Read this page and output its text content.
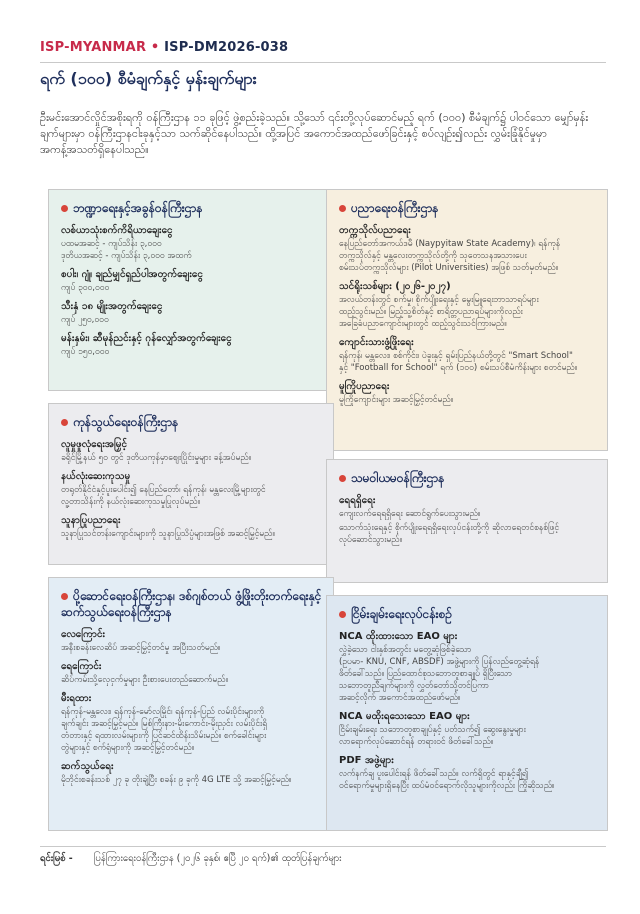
ISP-MYANMAR • ISP-DM2026-038
ရက် (၁၀၀) စီမံချက်နှင့် မှန်းချက်များ
ဦးမင်းအောင်လှိုင်အစိုးရကို ဝန်ကြီးဌာန ၁၁ ခုဖြင့် ဖွဲ့စည်းခဲ့သည်။ သို့သော် ၎င်းတို့လုပ်ဆောင်မည့် ရက် (၁၀၀) စီမံချက်၌ ပါဝင်သော မျှော်မှန်းချက်များမှာ ဝန်ကြီးဌာနငါးခုနှင့်သာ သက်ဆိုင်နေပါသည်။ ထို့အပြင် အကောင်အထည်ဖော်ခြင်းနှင့် စပ်လျဉ်း၍လည်း လွှမ်းခြုံနိုင်မှုမှာ အကန့်အသတ်ရှိနေပါသည်။
ဘဏ္ဍာရေးနှင့်အခွန်ဝန်ကြီးဌာန
လစ်ယာသုံးစက်ကိရိယာချေးငွေ
ပထမအဆင့် - ကျပ်သိန်း ၃,၀၀၀
ဒုတိယအဆင့် - ကျပ်သိန်း ၃,၀၀၀ အထက်
စပါး၊ ဂျုံ၊ ချည်မျှင်ရှည်ပါအတွက်ချေးငွေ
ကျပ် ၃၀၀,၀၀၀
သီးနှံ ၁၈ မျိုးအတွက်ချေးငွေ
ကျပ် ၂၅၀,၀၀၀
မန်းနှမ်း၊ ဆီမုန်ညင်းနှင့် ဂုန်လျှော်အတွက်ချေးငွေ
ကျပ် ၁၅၀,၀၀၀
ပညာရေးဝန်ကြီးဌာန
တက္ကသိုလ်ပညာရေး
နေပြည်တော်အကယ်ဒမီ (Naypyitaw State Academy)၊ ရန်ကုန်
တက္ကသိုလ်နှင့် မန္တလေးတက္ကသိုလ်တို့ကို သုတေသနအသားပေး
စမ်းသပ်တက္ကသိုလ်များ (Pilot Universities) အဖြစ် သတ်မှတ်မည်။
သင်ရိုးသစ်များ (၂၀၂၆-၂၀၂၇)
အလယ်တန်းတွင် စက်မှု၊ စိုက်ပျိုးရေးနှင့် မွေးမြူရေးဘာသာရပ်များ
ထည့်သွင်းမည်။ မြည့်သူ့စိတ်နှင့် စာရိတ္တပညာရပ်များကိုလည်း
အခြေခံပညာကျောင်းများတွင် ထည့်သွင်းသင်ကြားမည်။
ကျောင်းသားဖွံ့ဖြိုးရေး
ရန်ကုန်၊ မန္တလေး၊ စစ်ကိုင်း၊ ပဲခူးနှင့် ရှမ်းပြည်နယ်တို့တွင် "Smart School"
နှင့် "Football for School" ရက် (၁၀၀) စမ်းသပ်စီမံကိန်းများ စတင်မည်။
မူကြိုပညာရေး
မူကြိုကျောင်းများ အဆင့်မြှင့်တင်မည်။
ကုန်သွယ်ရေးဝန်ကြီးဌာန
လူမှုဖူလုံရေးအမြှင့်
ခရိုင်မြို့နယ် ၅၀ တွင် ဒုတိယကုန်မှာဈေးပြိုင်းမှုများ ခန့်အပ်မည်။
နယ်လုံးဆေးကုသမှု
တရုတ်နိုင်ငံနှင့်ပူးပေါင်း၍ နေပြည်တော်၊ ရန်ကုန်၊ မန္တလေးမြို့များတွင်
လူ့တာသိန်းကို နယ်လုံးဆေးကုသမှုပြုလုပ်မည်။
သူနာပြုပညာရေး
သူနာပြုသင်တန်းကျောင်းများကို သူနာပြုသိပ္ပံများအဖြစ် အဆင့်မြှင့်မည်။
သမဝါယမဝန်ကြီးဌာန
ရေရရှိရေး
ကျေးလက်ရေရရှိရေး ဆောင်ရွက်ပေးသွားမည်။
သောက်သုံးရေနှင့် စိုက်ပျိုးရေရရှိရေးလုပ်ငန်းတို့ကို ဆိုလာရေတင်စနစ်ဖြင့်
လုပ်ဆောင်သွားမည်။
ပို့ဆောင်ရေးဝန်ကြီးဌာန၊ ဒစ်ဂျစ်တယ် ဖွံ့ဖြိုးတိုးတက်ရေးနှင့် ဆက်သွယ်ရေးဝန်ကြီးဌာန
လေကြောင်း
အနီးစခန်းလေဆိပ် အဆင့်မြှင့်တင်မှု အပြီးသတ်မည်။
ရေကြောင်း
ဆိပ်ကမ်းသို့လှေငှက်မှုများ ဦးစားပေးတည်ဆောက်မည်။
မီးရထား
ရန်ကုန်-မန္တလေး၊ ရန်ကုန်-မော်လမြိုင်၊ ရန်ကုန်-ပြည် လမ်းပိုင်းများကို
ချက်ချင်း အဆင့်မြှင့်မည်။ မြစ်ကြီးနား-မိုးကောင်း-မိုးညှင်း လမ်းပိုင်းရှိ
တံတားနှင့် ရထားလမ်းများကို ပြင်ဆင်ထိန်းသိမ်းမည်။ စက်ခေါင်းများ
တွဲများနှင့် စက်ရုံများကို အဆင့်မြှင့်တင်မည်။
ဆက်သွယ်ရေး
မိုဘိုင်းစခန်းသစ် ၂၇ ခု တိုးချဲ့ပြီး စခန်း ၉ ခုကို 4G LTE သို့ အဆင့်မြှင့်မည်။
ငြိမ်းချမ်းရေးလုပ်ငန်းစဉ်
NCA ထိုးထားသော EAO များ
လွှဲခဲ့သော ငါးနှစ်အတွင်း မတွေ့ဆုံဖြစ်ခဲ့သော
(ဥပမာ- KNU, CNF, ABSDF) အဖွဲ့များကို ပြန်လည်တွေ့ဆုံရန်
ဖိတ်ခေါ်သည်။ ပြည်ထောင်စုသဘောတူစာချုပ် ရှိပြီးသော
သဘောတူညီချက်များကို လွှတ်တော်သို့တင်ပြကာ
အဆင့်လိုက် အကောင်အထည်ဖော်မည်။
NCA မထိုးရသေးသော EAO များ
ငြိမ်းချမ်းရေး သဘောတူစာချုပ်နှင့် ပတ်သက်၍ ဆွေးနွေးမှုများ
လာရောက်လုပ်ဆောင်ရန် တရားဝင် ဖိတ်ခေါ်သည်။
PDF အဖွဲ့များ
လက်နက်ချ ပူးပေါင်းရန် ဖိတ်ခေါ်သည်။ လက်ရှိတွင် ရာနှင့်ချီ၍
ဝင်ရောက်မှုများရှိနေပြီး ထပ်မံဝင်ရောက်လိုသူများကိုလည်း ကြိုဆိုသည်။
ရင်းမြစ် - ပြန်ကြားရေးဝန်ကြီးဌာန (၂၀၂၆ ခုနှစ်၊ ဧပြီ ၂၀ ရက်)၏ ထုတ်ပြန်ချက်များ
